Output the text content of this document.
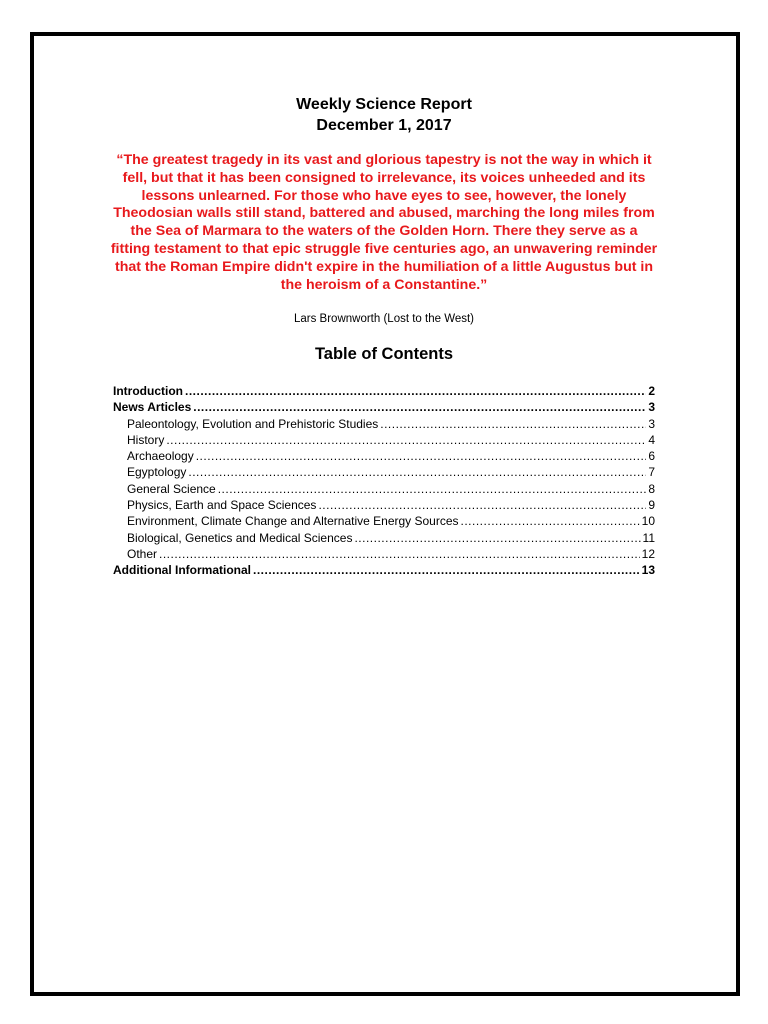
Weekly Science Report
December 1, 2017
“The greatest tragedy in its vast and glorious tapestry is not the way in which it fell, but that it has been consigned to irrelevance, its voices unheeded and its lessons unlearned. For those who have eyes to see, however, the lonely Theodosian walls still stand, battered and abused, marching the long miles from the Sea of Marmara to the waters of the Golden Horn. There they serve as a fitting testament to that epic struggle five centuries ago, an unwavering reminder that the Roman Empire didn't expire in the humiliation of a little Augustus but in the heroism of a Constantine.”
Lars Brownworth (Lost to the West)
Table of Contents
Introduction .....	2
News Articles .....	3
Paleontology, Evolution and Prehistoric Studies .....	3
History .....	4
Archaeology .....	6
Egyptology .....	7
General Science .....	8
Physics, Earth and Space Sciences .....	9
Environment, Climate Change and Alternative Energy Sources .....	10
Biological, Genetics and Medical Sciences .....	11
Other .....	12
Additional Informational .....	13
